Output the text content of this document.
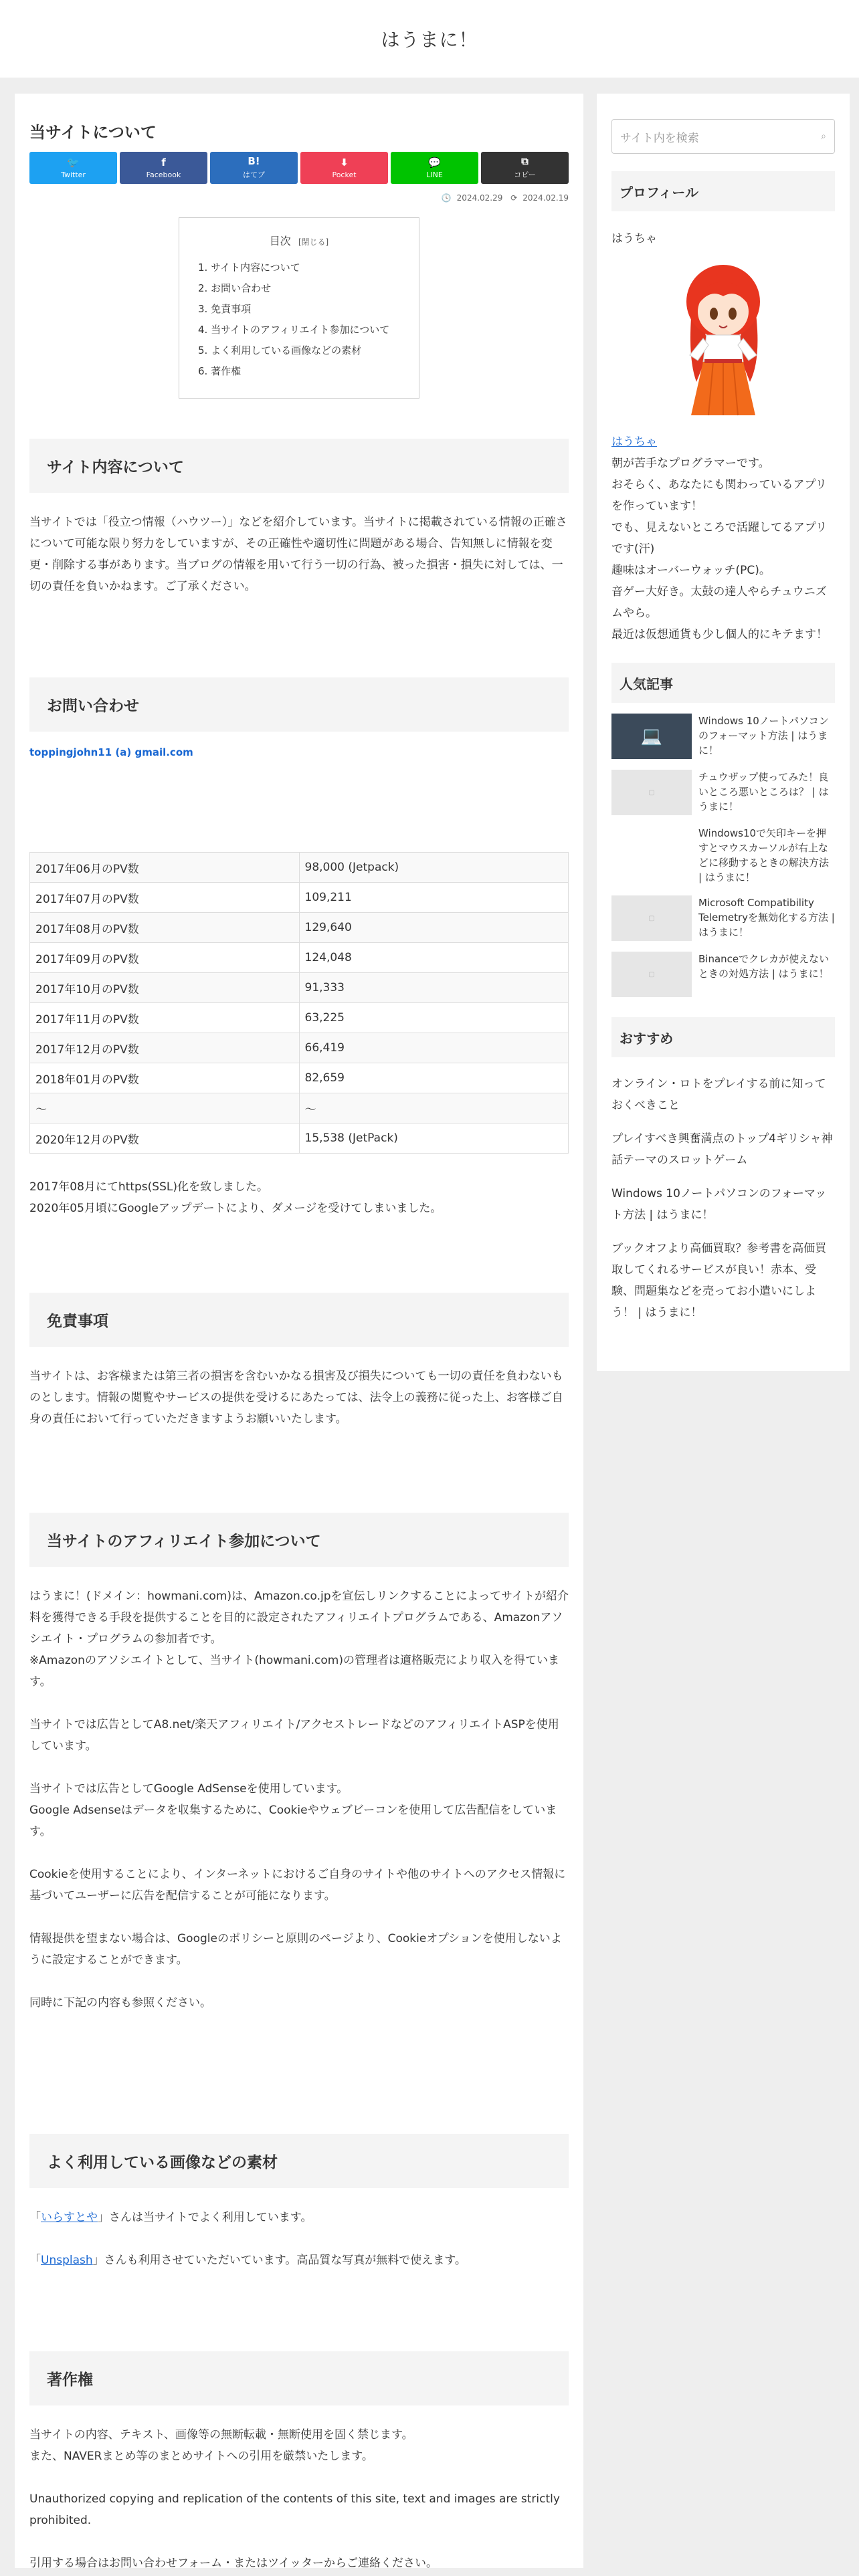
はうまに！
当サイトについて
🐦
Twitter
f
Facebook
B!
はてブ
⬇
Pocket
💬
LINE
⧉
コピー
🕓 2024.02.29 ⟳ 2024.02.19
目次 [閉じる]
1. サイト内容について
2. お問い合わせ
3. 免責事項
4. 当サイトのアフィリエイト参加について
5. よく利用している画像などの素材
6. 著作権
サイト内容について

当サイトでは「役立つ情報（ハウツー）」などを紹介しています。当サイトに掲載されている情報の正確さについて可能な限り努力をしていますが、その正確性や適切性に問題がある場合、告知無しに情報を変更・削除する事があります。当ブログの情報を用いて行う一切の行為、被った損害・損失に対しては、一切の責任を負いかねます。ご了承ください。

お問い合わせ
toppingjohn11 (a) gmail.com
2017年06月のPV数	98,000 (Jetpack)
2017年07月のPV数	109,211
2017年08月のPV数	129,640
2017年09月のPV数	124,048
2017年10月のPV数	91,333
2017年11月のPV数	63,225
2017年12月のPV数	66,419
2018年01月のPV数	82,659
〜	〜
2020年12月のPV数	15,538 (JetPack)

2017年08月にてhttps(SSL)化を致しました。

2020年05月頃にGoogleアップデートにより、ダメージを受けてしまいました。

免責事項

当サイトは、お客様または第三者の損害を含むいかなる損害及び損失についても一切の責任を負わないものとします。情報の閲覧やサービスの提供を受けるにあたっては、法令上の義務に従った上、お客様ご自身の責任において行っていただきますようお願いいたします。

当サイトのアフィリエイト参加について

はうまに！(ドメイン：howmani.com)は、Amazon.co.jpを宣伝しリンクすることによってサイトが紹介料を獲得できる手段を提供することを目的に設定されたアフィリエイトプログラムである、Amazonアソシエイト・プログラムの参加者です。

※Amazonのアソシエイトとして、当サイト(howmani.com)の管理者は適格販売により収入を得ています。

当サイトでは広告としてA8.net/楽天アフィリエイト/アクセストレードなどのアフィリエイトASPを使用しています。

当サイトでは広告としてGoogle AdSenseを使用しています。

Google Adsenseはデータを収集するために、Cookieやウェブビーコンを使用して広告配信をしています。

Cookieを使用することにより、インターネットにおけるご自身のサイトや他のサイトへのアクセス情報に基づいてユーザーに広告を配信することが可能になります。

情報提供を望まない場合は、Googleのポリシーと原則のページより、Cookieオプションを使用しないように設定することができます。

同時に下記の内容も参照ください。

よく利用している画像などの素材

「いらすとや」さんは当サイトでよく利用しています。

「Unsplash」さんも利用させていただいています。高品質な写真が無料で使えます。

著作権

当サイトの内容、テキスト、画像等の無断転載・無断使用を固く禁じます。

また、NAVERまとめ等のまとめサイトへの引用を厳禁いたします。

Unauthorized copying and replication of the contents of this site, text and images are strictly prohibited.

引用する場合はお問い合わせフォーム・またはツイッターからご連絡ください。

サイト内を検索	⌕
プロフィール
はうちゃ
はうちゃ
朝が苦手なプログラマーです。
おそらく、あなたにも関わっているアプリを作っています！
でも、見えないところで活躍してるアプリです(汗)
趣味はオーバーウォッチ(PC)。
音ゲー大好き。太鼓の達人やらチュウニズムやら。
最近は仮想通貨も少し個人的にキテます！
人気記事
💻
Windows 10ノートパソコンのフォーマット方法 | はうまに！
▢
チュウザップ使ってみた！良いところ悪いところは？ | はうまに！
Windows10で矢印キーを押すとマウスカーソルが右上などに移動するときの解決方法 | はうまに！
▢
Microsoft Compatibility Telemetryを無効化する方法 | はうまに！
▢
Binanceでクレカが使えないときの対処方法 | はうまに！
おすすめ
オンライン・ロトをプレイする前に知っておくべきこと
プレイすべき興奮満点のトップ4ギリシャ神話テーマのスロットゲーム
Windows 10ノートパソコンのフォーマット方法 | はうまに！
ブックオフより高価買取？参考書を高価買取してくれるサービスが良い！赤本、受験、問題集などを売ってお小遣いにしよう！ | はうまに！
